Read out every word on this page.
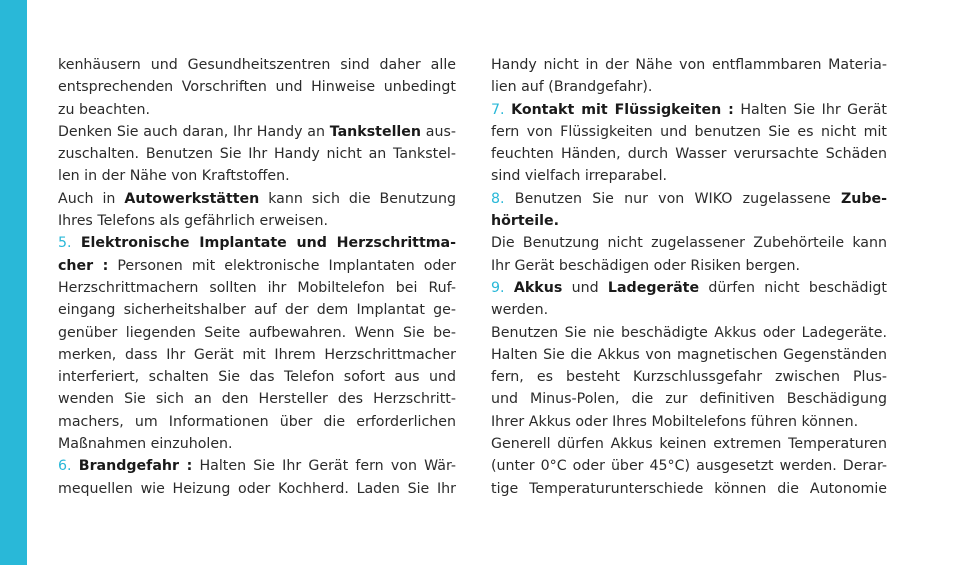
kenhäusern und Gesundheitszentren sind daher alle
entsprechenden Vorschriften und Hinweise unbedingt
zu beachten.
Denken Sie auch daran, Ihr Handy an Tankstellen aus-
zuschalten. Benutzen Sie Ihr Handy nicht an Tankstel-
len in der Nähe von Kraftstoffen.
Auch in Autowerkstätten kann sich die Benutzung
Ihres Telefons als gefährlich erweisen.
5. Elektronische Implantate und Herzschrittma-
cher : Personen mit elektronische Implantaten oder
Herzschrittmachern sollten ihr Mobiltelefon bei Ruf-
eingang sicherheitshalber auf der dem Implantat ge-
genüber liegenden Seite aufbewahren. Wenn Sie be-
merken, dass Ihr Gerät mit Ihrem Herzschrittmacher
interferiert, schalten Sie das Telefon sofort aus und
wenden Sie sich an den Hersteller des Herzschritt-
machers, um Informationen über die erforderlichen
Maßnahmen einzuholen.
6. Brandgefahr : Halten Sie Ihr Gerät fern von Wär-
mequellen wie Heizung oder Kochherd. Laden Sie Ihr
Handy nicht in der Nähe von entflammbaren Materia-
lien auf (Brandgefahr).
7. Kontakt mit Flüssigkeiten : Halten Sie Ihr Gerät
fern von Flüssigkeiten und benutzen Sie es nicht mit
feuchten Händen, durch Wasser verursachte Schäden
sind vielfach irreparabel.
8. Benutzen Sie nur von WIKO zugelassene Zube-
hörteile.
Die Benutzung nicht zugelassener Zubehörteile kann
Ihr Gerät beschädigen oder Risiken bergen.
9. Akkus und Ladegeräte dürfen nicht beschädigt
werden.
Benutzen Sie nie beschädigte Akkus oder Ladegeräte.
Halten Sie die Akkus von magnetischen Gegenständen
fern, es besteht Kurzschlussgefahr zwischen Plus-
und Minus-Polen, die zur definitiven Beschädigung
Ihrer Akkus oder Ihres Mobiltelefons führen können.
Generell dürfen Akkus keinen extremen Temperaturen
(unter 0°C oder über 45°C) ausgesetzt werden. Derar-
tige Temperaturunterschiede können die Autonomie
